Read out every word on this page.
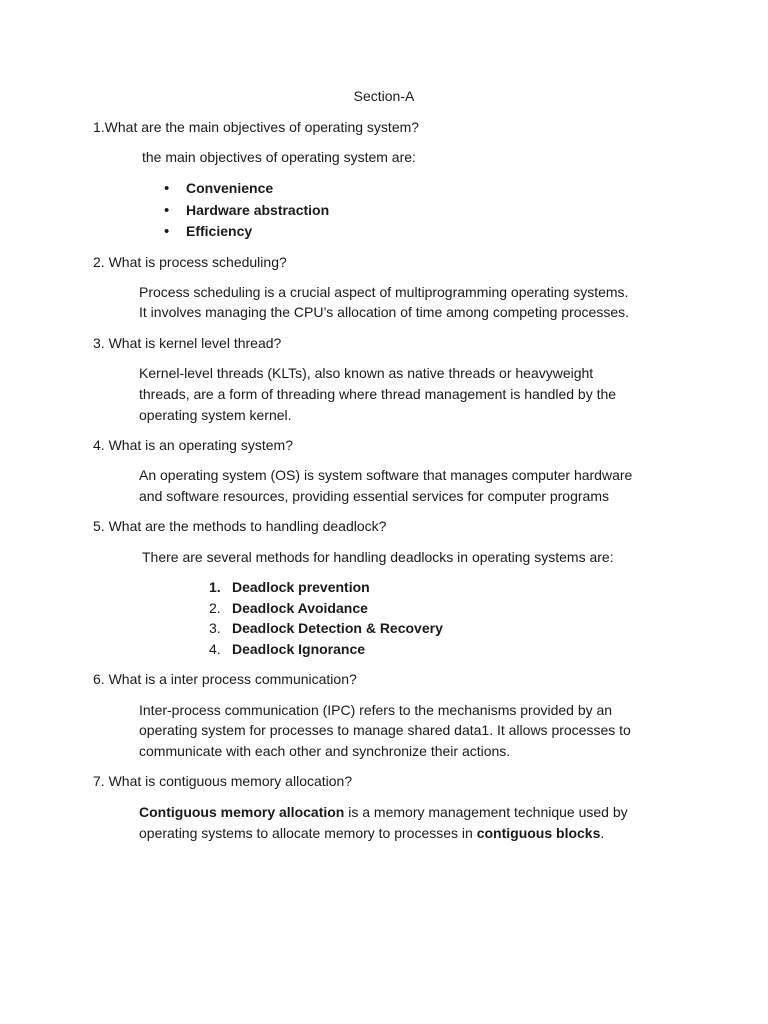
Section-A
1.What are the main objectives of operating system?
the main objectives of operating system are:
• Convenience
• Hardware abstraction
• Efficiency
2. What is process scheduling?
Process scheduling is a crucial aspect of multiprogramming operating systems.
It involves managing the CPU’s allocation of time among competing processes.
3. What is kernel level thread?
Kernel-level threads (KLTs), also known as native threads or heavyweight
threads, are a form of threading where thread management is handled by the
operating system kernel.
4. What is an operating system?
An operating system (OS) is system software that manages computer hardware
and software resources, providing essential services for computer programs
5. What are the methods to handling deadlock?
There are several methods for handling deadlocks in operating systems are:
1. Deadlock prevention
2. Deadlock Avoidance
3. Deadlock Detection & Recovery
4. Deadlock Ignorance
6. What is a inter process communication?
Inter-process communication (IPC) refers to the mechanisms provided by an
operating system for processes to manage shared data1. It allows processes to
communicate with each other and synchronize their actions.
7. What is contiguous memory allocation?
Contiguous memory allocation is a memory management technique used by
operating systems to allocate memory to processes in contiguous blocks.
